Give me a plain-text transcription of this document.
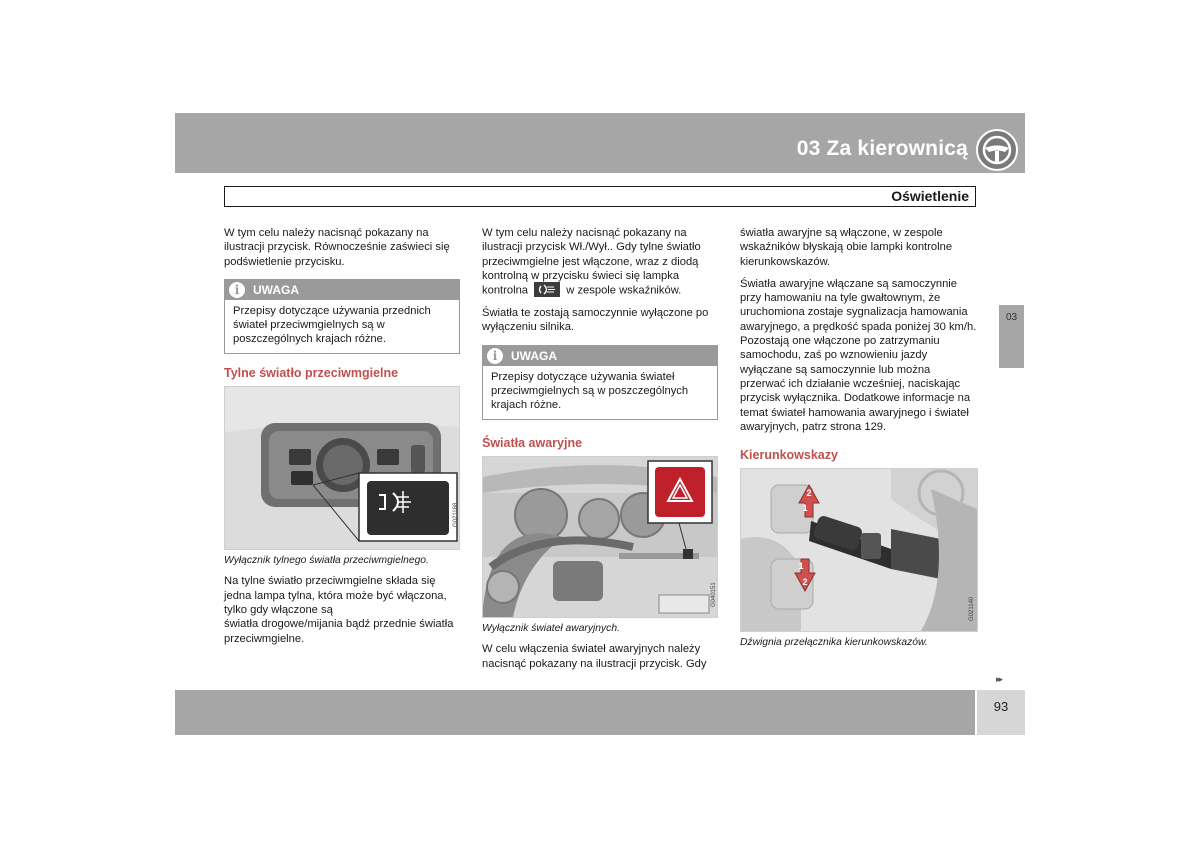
03 Za kierownicą
Oświetlenie

W tym celu należy nacisnąć pokazany na ilustracji przycisk. Równocześnie zaświeci się podświetlenie przycisku.

i	UWAGA
Przepisy dotyczące używania przednich świateł przeciwmgielnych są w poszczególnych krajach różne.
Tylne światło przeciwmgielne
G021168
Wyłącznik tylnego światła przeciwmgielnego.

Na tylne światło przeciwmgielne składa się jedna lampa tylna, która może być włączona, tylko gdy włączone są

światła drogowe/mijania bądź przednie światła przeciwmgielne.

W tym celu należy nacisnąć pokazany na ilustracji przycisk Wł./Wył.. Gdy tylne światło przeciwmgielne jest włączone, wraz z diodą kontrolną w przycisku świeci się lampka kontrolna	w zespole wskaźników.

Światła te zostają samoczynnie wyłączone po wyłączeniu silnika.

i	UWAGA
Przepisy dotyczące używania świateł przeciwmgielnych są w poszczególnych krajach różne.
Światła awaryjne
G040151
Wyłącznik świateł awaryjnych.

W celu włączenia świateł awaryjnych należy nacisnąć pokazany na ilustracji przycisk. Gdy

światła awaryjne są włączone, w zespole wskaźników błyskają obie lampki kontrolne kierunkowskazów.

Światła awaryjne włączane są samoczynnie przy hamowaniu na tyle gwałtownym, że uruchomiona zostaje sygnalizacja hamowania awaryjnego, a prędkość spada poniżej 30 km/h. Pozostają one włączone po zatrzymaniu samochodu, zaś po wznowieniu jazdy wyłączane są samoczynnie lub można przerwać ich działanie wcześniej, naciskając przycisk wyłącznika. Dodatkowe informacje na temat świateł hamowania awaryjnego i świateł awaryjnych, patrz strona 129.

Kierunkowskazy
2
1
1
2
G021140
Dźwignia przełącznika kierunkowskazów.
03
▸▸
93
